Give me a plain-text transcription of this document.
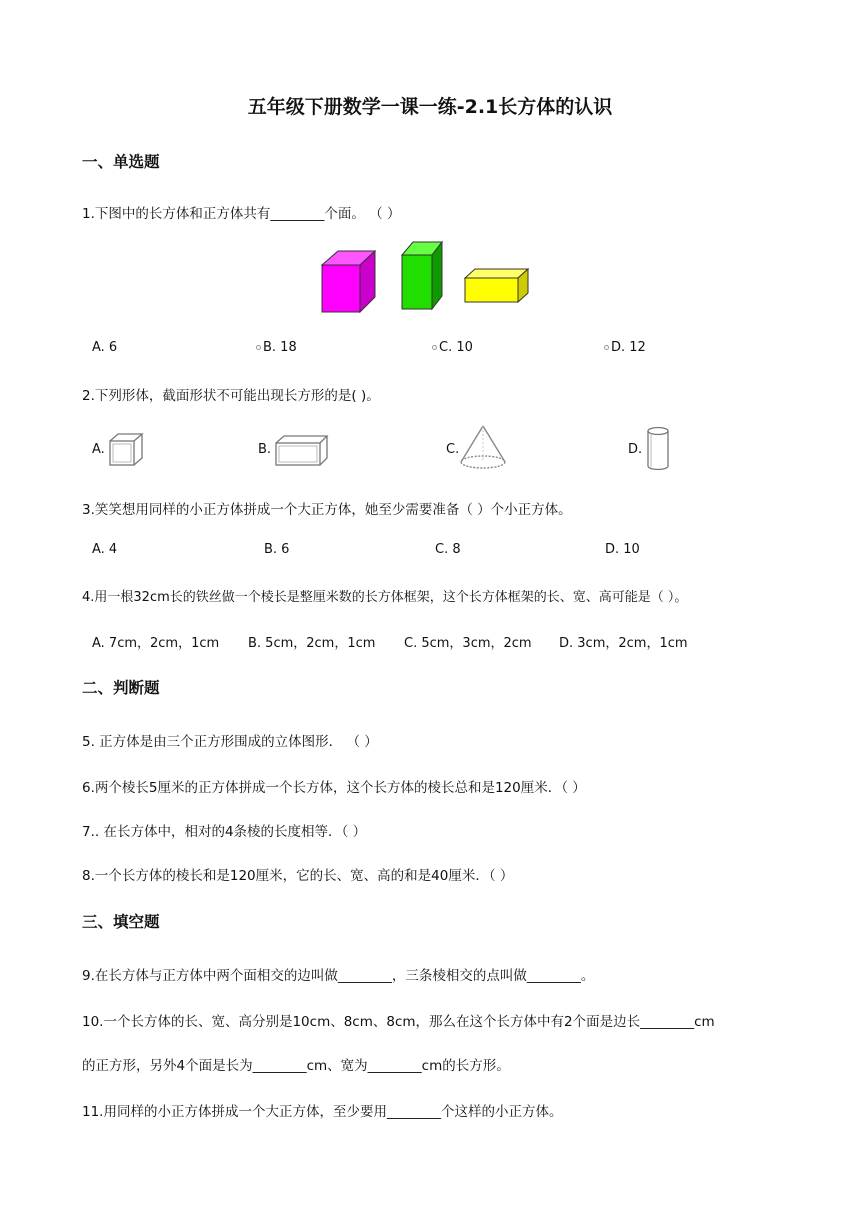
五年级下册数学一课一练-2.1长方体的认识
一、单选题
1.下图中的长方体和正方体共有________个面。 （ ）
A. 6	B. 18	C. 10	D. 12
2.下列形体，截面形状不可能出现长方形的是( )。
A.	B.	C.	D.
3.笑笑想用同样的小正方体拼成一个大正方体，她至少需要准备（ ）个小正方体。
A. 4	B. 6	C. 8	D. 10
4.用一根32cm长的铁丝做一个棱长是整厘米数的长方体框架，这个长方体框架的长、宽、高可能是（ ）。
A. 7cm，2cm，1cm B. 5cm，2cm，1cm C. 5cm，3cm，2cm D. 3cm，2cm，1cm
二、判断题
5. 正方体是由三个正方形围成的立体图形． （ ）
6.两个棱长5厘米的正方体拼成一个长方体，这个长方体的棱长总和是120厘米．（ ）
7.. 在长方体中，相对的4条棱的长度相等．（ ）
8.一个长方体的棱长和是120厘米，它的长、宽、高的和是40厘米．（ ）
三、填空题
9.在长方体与正方体中两个面相交的边叫做________，三条棱相交的点叫做________。
10.一个长方体的长、宽、高分别是10cm、8cm、8cm，那么在这个长方体中有2个面是边长________cm
的正方形，另外4个面是长为________cm、宽为________cm的长方形。
11.用同样的小正方体拼成一个大正方体，至少要用________个这样的小正方体。
